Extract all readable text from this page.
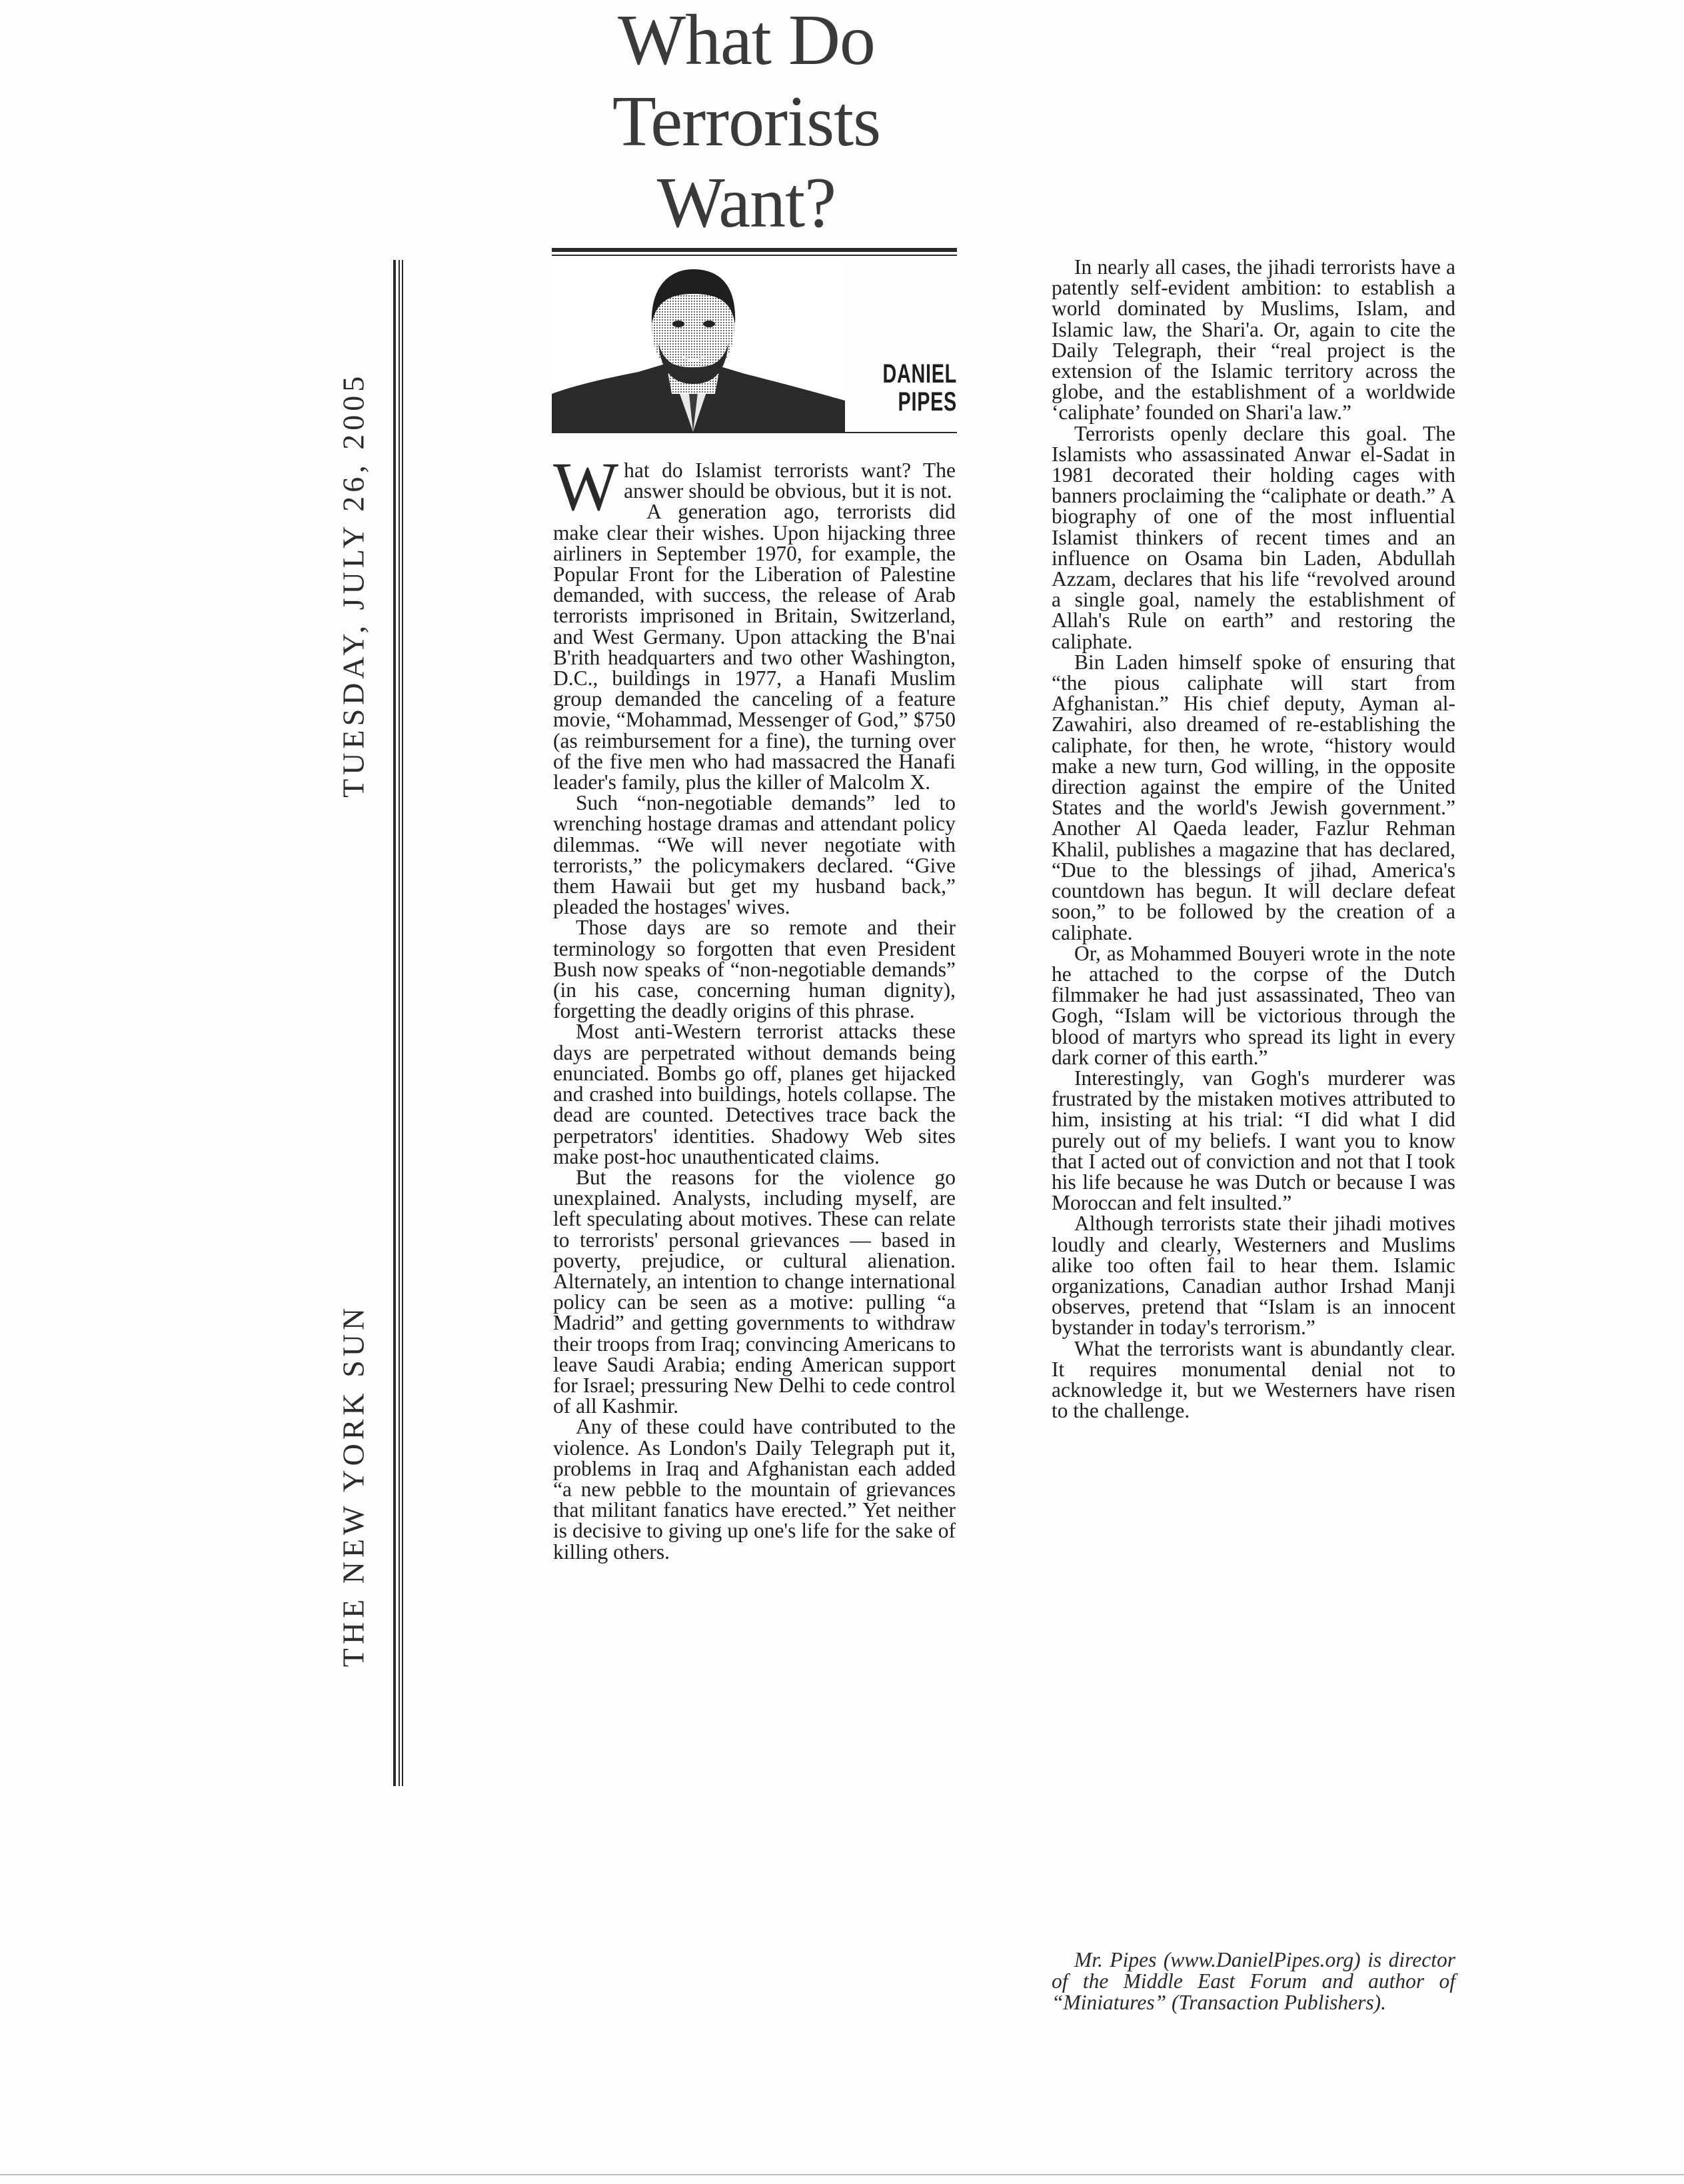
What Do
Terrorists
Want?
THE NEW YORK SUNTUESDAY, JULY 26, 2005	DANIEL
PIPES

What do Islamist terrorists want? The answer should be obvious, but it is not.

A generation ago, terrorists did make clear their wishes. Upon hijacking three airliners in September 1970, for example, the Popular Front for the Liberation of Palestine demanded, with success, the release of Arab terrorists imprisoned in Britain, Switzerland, and West Germany. Upon attacking the B'nai B'rith headquarters and two other Washington, D.C., buildings in 1977, a Hanafi Muslim group demanded the canceling of a feature movie, “Mohammad, Messenger of God,” $750 (as reimbursement for a fine), the turning over of the five men who had massacred the Hanafi leader's family, plus the killer of Malcolm X.

Such “non-negotiable demands” led to wrenching hostage dramas and attendant policy dilemmas. “We will never negotiate with terrorists,” the policymakers declared. “Give them Hawaii but get my husband back,” pleaded the hostages' wives.

Those days are so remote and their terminology so forgotten that even President Bush now speaks of “non-negotiable demands” (in his case, concerning human dignity), forgetting the deadly origins of this phrase.

Most anti-Western terrorist attacks these days are perpetrated without demands being enunciated. Bombs go off, planes get hijacked and crashed into buildings, hotels collapse. The dead are counted. Detectives trace back the perpetrators' identities. Shadowy Web sites make post-hoc unauthenticated claims.

But the reasons for the violence go unexplained. Analysts, including myself, are left speculating about motives. These can relate to terrorists' personal grievances — based in poverty, prejudice, or cultural alienation. Alternately, an intention to change international policy can be seen as a motive: pulling “a Madrid” and getting governments to withdraw their troops from Iraq; convincing Americans to leave Saudi Arabia; ending American support for Israel; pressuring New Delhi to cede control of all Kashmir.

Any of these could have contributed to the violence. As London's Daily Telegraph put it, problems in Iraq and Afghanistan each added “a new pebble to the mountain of grievances that militant fanatics have erected.” Yet neither is decisive to giving up one's life for the sake of killing others.

In nearly all cases, the jihadi terrorists have a patently self-evident ambition: to establish a world dominated by Muslims, Islam, and Islamic law, the Shari'a. Or, again to cite the Daily Telegraph, their “real project is the extension of the Islamic territory across the globe, and the establishment of a worldwide ‘caliphate’ founded on Shari'a law.”

Terrorists openly declare this goal. The Islamists who assassinated Anwar el-Sadat in 1981 decorated their holding cages with banners proclaiming the “caliphate or death.” A biography of one of the most influential Islamist thinkers of recent times and an influence on Osama bin Laden, Abdullah Azzam, declares that his life “revolved around a single goal, namely the establishment of Allah's Rule on earth” and restoring the caliphate.

Bin Laden himself spoke of ensuring that “the pious caliphate will start from Afghanistan.” His chief deputy, Ayman al-Zawahiri, also dreamed of re-establishing the caliphate, for then, he wrote, “history would make a new turn, God willing, in the opposite direction against the empire of the United States and the world's Jewish government.” Another Al Qaeda leader, Fazlur Rehman Khalil, publishes a magazine that has declared, “Due to the blessings of jihad, America's countdown has begun. It will declare defeat soon,” to be followed by the creation of a caliphate.

Or, as Mohammed Bouyeri wrote in the note he attached to the corpse of the Dutch filmmaker he had just assassinated, Theo van Gogh, “Islam will be victorious through the blood of martyrs who spread its light in every dark corner of this earth.”

Interestingly, van Gogh's murderer was frustrated by the mistaken motives attributed to him, insisting at his trial: “I did what I did purely out of my beliefs. I want you to know that I acted out of conviction and not that I took his life because he was Dutch or because I was Moroccan and felt insulted.”

Although terrorists state their jihadi motives loudly and clearly, Westerners and Muslims alike too often fail to hear them. Islamic organizations, Canadian author Irshad Manji observes, pretend that “Islam is an innocent bystander in today's terrorism.”

What the terrorists want is abundantly clear. It requires monumental denial not to acknowledge it, but we Westerners have risen to the challenge.

Mr. Pipes (www.DanielPipes.org) is director of the Middle East Forum and author of “Miniatures” (Transaction Publishers).
